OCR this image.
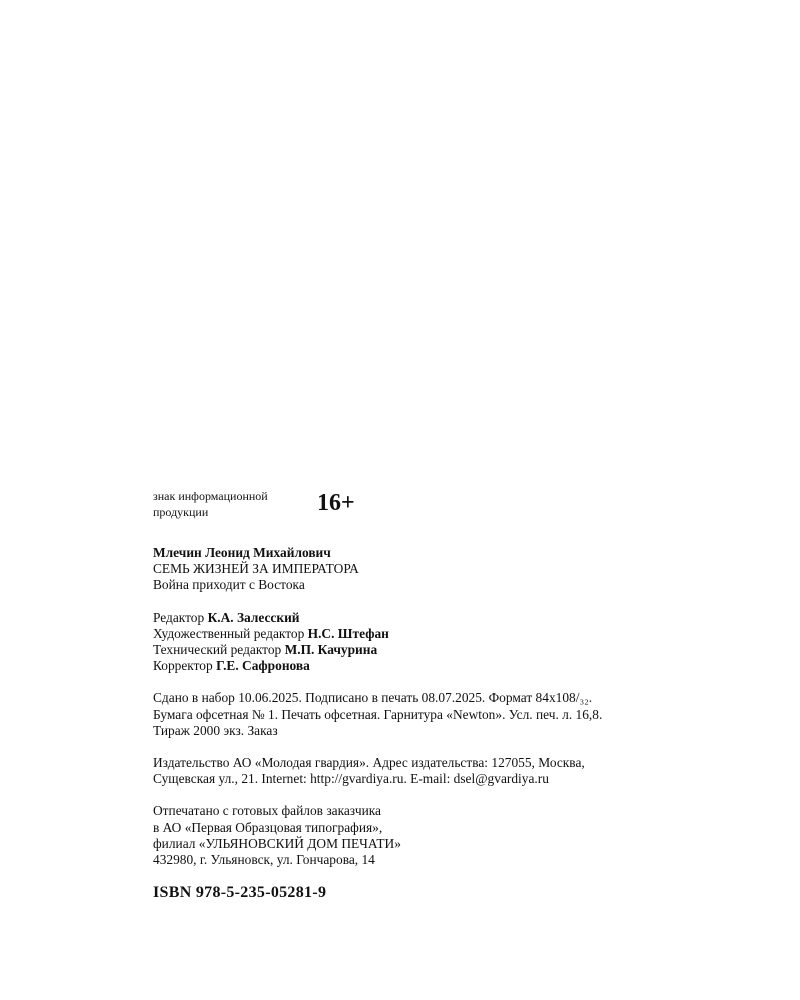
знак информационной
продукции	16+
Млечин Леонид Михайлович
СЕМЬ ЖИЗНЕЙ ЗА ИМПЕРАТОРА
Война приходит с Востока
Редактор К.А. Залесский
Художественный редактор Н.С. Штефан
Технический редактор М.П. Качурина
Корректор Г.Е. Сафронова
Сдано в набор 10.06.2025. Подписано в печать 08.07.2025. Формат 84x108/₃₂.
Бумага офсетная № 1. Печать офсетная. Гарнитура «Newton». Усл. печ. л. 16,8.
Тираж 2000 экз. Заказ
Издательство АО «Молодая гвардия». Адрес издательства: 127055, Москва,
Сущевская ул., 21. Internet: http://gvardiya.ru. E-mail: dsel@gvardiya.ru
Отпечатано с готовых файлов заказчика
в АО «Первая Образцовая типография»,
филиал «УЛЬЯНОВСКИЙ ДОМ ПЕЧАТИ»
432980, г. Ульяновск, ул. Гончарова, 14
ISBN 978-5-235-05281-9
